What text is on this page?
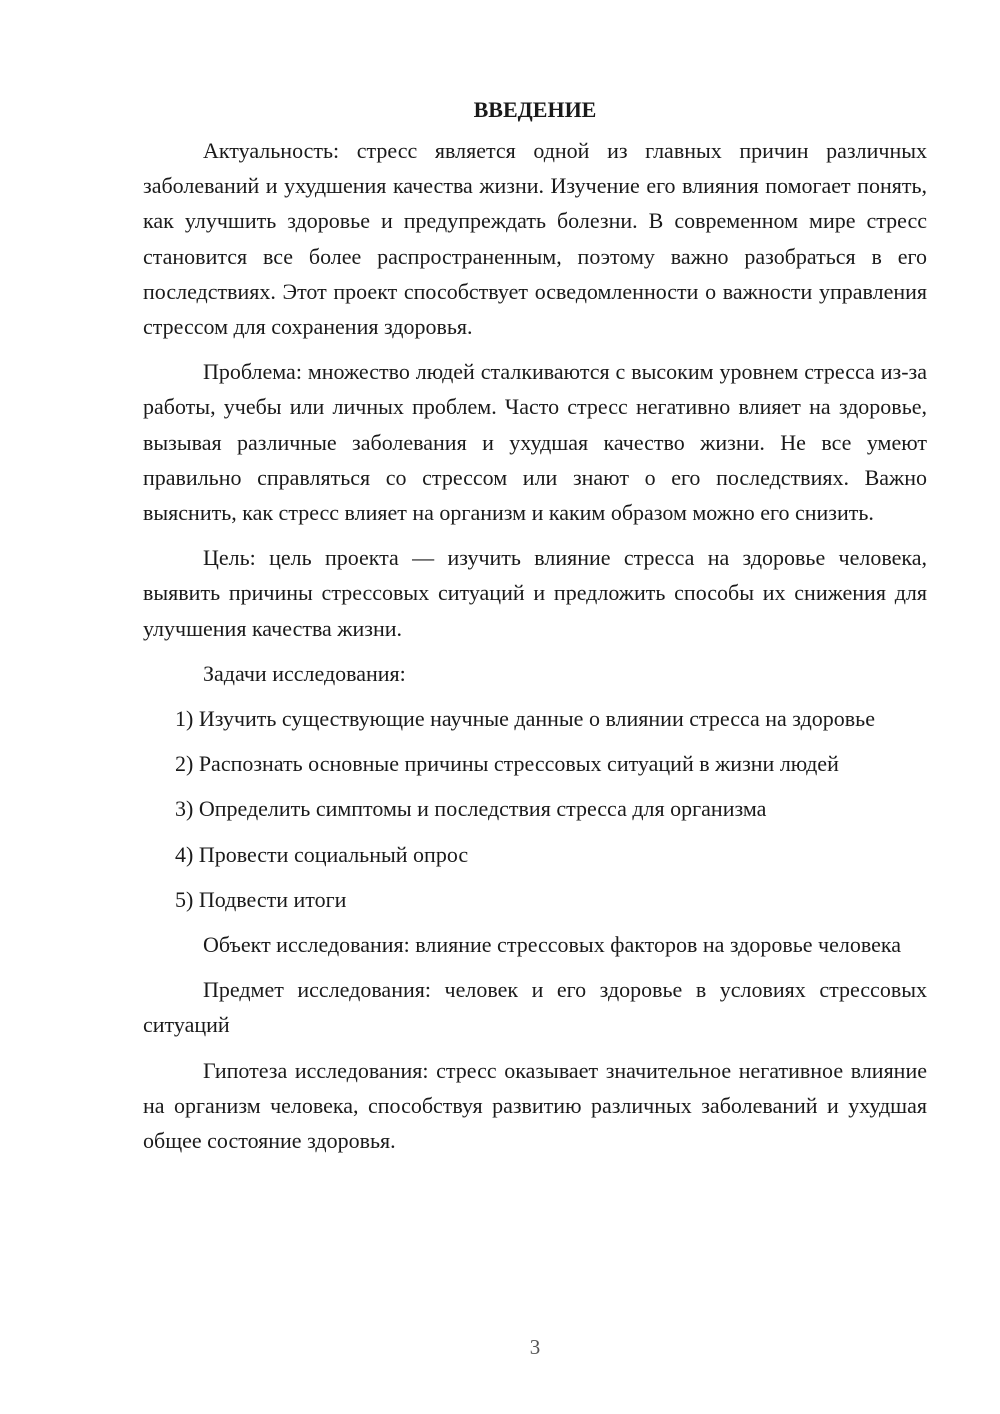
ВВЕДЕНИЕ

Актуальность: стресс является одной из главных причин различных заболеваний и ухудшения качества жизни. Изучение его влияния помогает понять, как улучшить здоровье и предупреждать болезни. В современном мире стресс становится все более распространенным, поэтому важно разобраться в его последствиях. Этот проект способствует осведомленности о важности управления стрессом для сохранения здоровья.

Проблема: множество людей сталкиваются с высоким уровнем стресса из-за работы, учебы или личных проблем. Часто стресс негативно влияет на здоровье, вызывая различные заболевания и ухудшая качество жизни. Не все умеют правильно справляться со стрессом или знают о его последствиях. Важно выяснить, как стресс влияет на организм и каким образом можно его снизить.

Цель: цель проекта — изучить влияние стресса на здоровье человека, выявить причины стрессовых ситуаций и предложить способы их снижения для улучшения качества жизни.

Задачи исследования:

1) Изучить существующие научные данные о влиянии стресса на здоровье

2) Распознать основные причины стрессовых ситуаций в жизни людей

3) Определить симптомы и последствия стресса для организма

4) Провести социальный опрос

5) Подвести итоги

Объект исследования: влияние стрессовых факторов на здоровье человека

Предмет исследования: человек и его здоровье в условиях стрессовых ситуаций

Гипотеза исследования: стресс оказывает значительное негативное влияние на организм человека, способствуя развитию различных заболеваний и ухудшая общее состояние здоровья.

3
